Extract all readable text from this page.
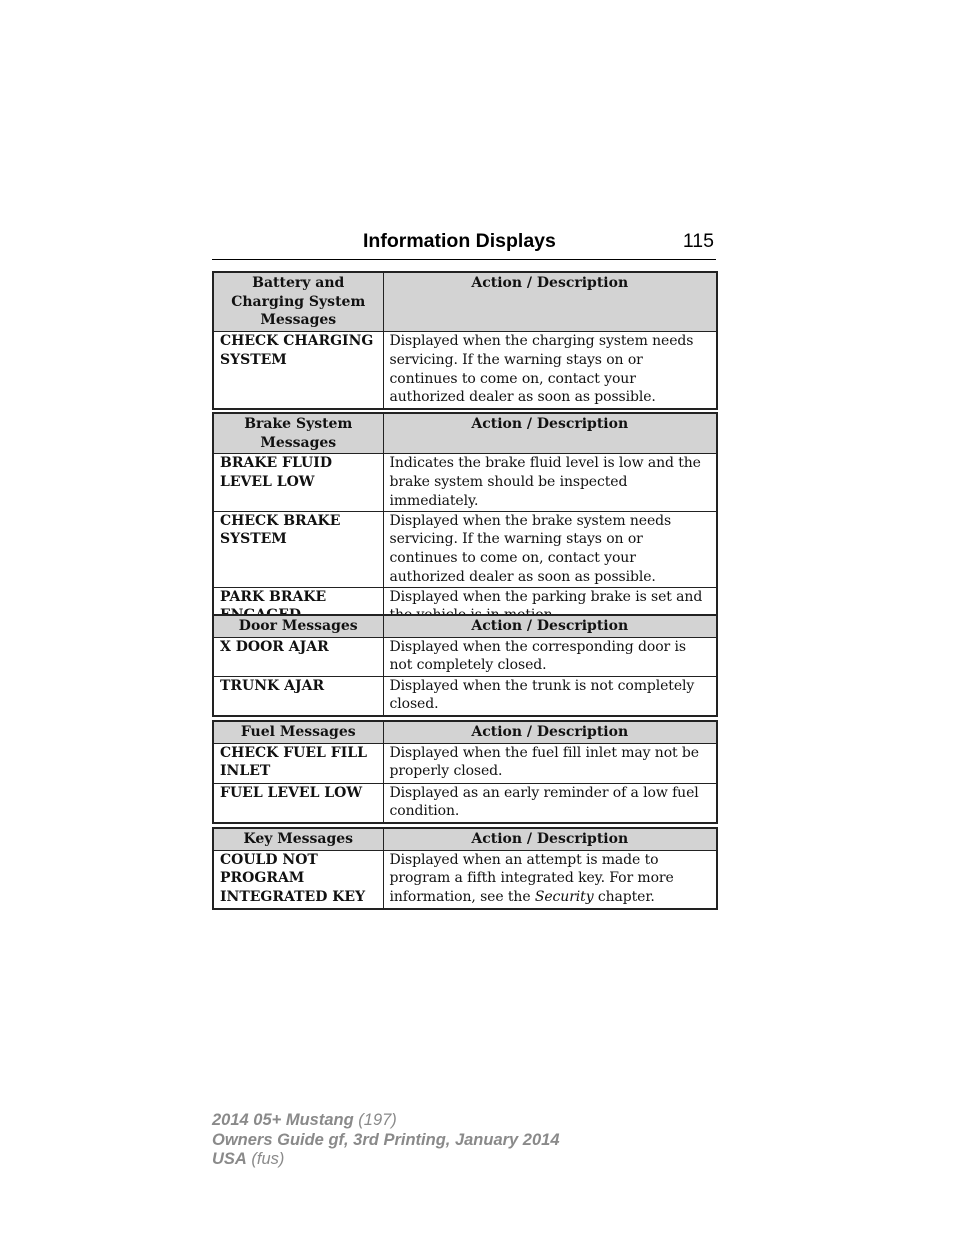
Information Displays	115
Battery and Charging System Messages	Action / Description
CHECK CHARGING SYSTEM	Displayed when the charging system needs servicing. If the warning stays on or continues to come on, contact your authorized dealer as soon as possible.
Brake System Messages	Action / Description
BRAKE FLUID LEVEL LOW	Indicates the brake fluid level is low and the brake system should be inspected immediately.
CHECK BRAKE SYSTEM	Displayed when the brake system needs servicing. If the warning stays on or continues to come on, contact your authorized dealer as soon as possible.
PARK BRAKE	Displayed when the parking brake is set and
Door Messages	Action / Description
X DOOR AJAR	Displayed when the corresponding door is not completely closed.
TRUNK AJAR	Displayed when the trunk is not completely closed.
Fuel Messages	Action / Description
CHECK FUEL FILL INLET	Displayed when the fuel fill inlet may not be properly closed.
FUEL LEVEL LOW	Displayed as an early reminder of a low fuel condition.
Key Messages	Action / Description
COULD NOT PROGRAM INTEGRATED KEY	Displayed when an attempt is made to program a fifth integrated key. For more information, see the Security chapter.
2014 05+ Mustang (197)
Owners Guide gf, 3rd Printing, January 2014
USA (fus)
